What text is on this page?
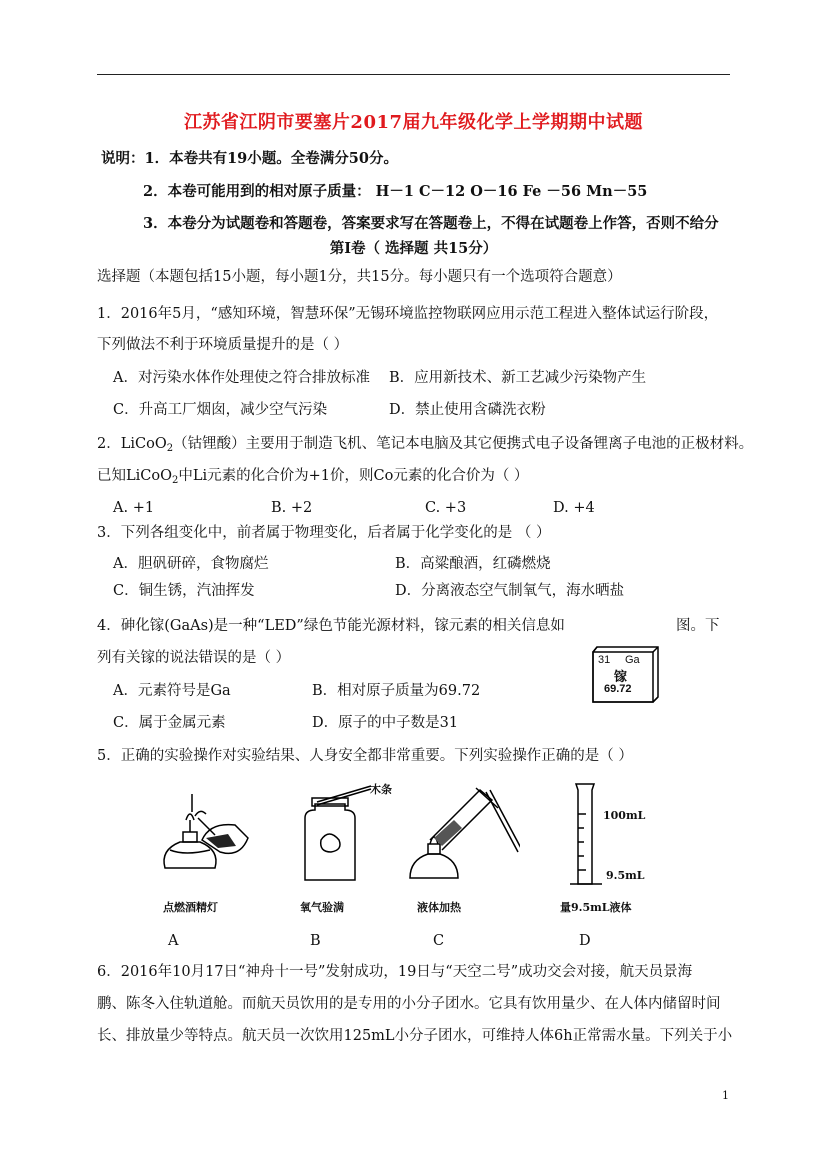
江苏省江阴市要塞片2017届九年级化学上学期期中试题
说明：1．本卷共有19小题。全卷满分50分。
2．本卷可能用到的相对原子质量： H－1 C－12 O－16 Fe －56 Mn－55
3．本卷分为试题卷和答题卷，答案要求写在答题卷上，不得在试题卷上作答，否则不给分
第Ⅰ卷（ 选择题 共15分）
选择题（本题包括15小题，每小题1分，共15分。每小题只有一个选项符合题意）
1．2016年5月，“感知环境，智慧环保”无锡环境监控物联网应用示范工程进入整体试运行阶段，
下列做法不利于环境质量提升的是（ ）
A．对污染水体作处理使之符合排放标准 B．应用新技术、新工艺减少污染物产生
C．升高工厂烟囱，减少空气污染	D．禁止使用含磷洗衣粉
2．LiCoO$_2$（钴锂酸）主要用于制造飞机、笔记本电脑及其它便携式电子设备锂离子电池的正极材料。
已知LiCoO$_2$中Li元素的化合价为+1价，则Co元素的化合价为（ ）
A. +1	B. +2	C. +3	D. +4
3．下列各组变化中，前者属于物理变化，后者属于化学变化的是 （ ）
A．胆矾研碎，食物腐烂	B．高粱酿酒，红磷燃烧
C．铜生锈，汽油挥发	D．分离液态空气制氧气，海水晒盐
4．砷化镓(GaAs)是一种“LED”绿色节能光源材料，镓元素的相关信息如	图。下
列有关镓的说法错误的是（ ）
A．元素符号是Ga	B．相对原子质量为69.72
C．属于金属元素	D．原子的中子数是31
31 Ga
镓
69.72
5．正确的实验操作对实验结果、人身安全都非常重要。下列实验操作正确的是（ ）
点燃酒精灯
木条
氧气验满	液体加热
100mL
9.5mL
量9.5mL液体
A	B	C	D
6．2016年10月17日“神舟十一号”发射成功，19日与“天空二号”成功交会对接，航天员景海
鹏、陈冬入住轨道舱。而航天员饮用的是专用的小分子团水。它具有饮用量少、在人体内储留时间
长、排放量少等特点。航天员一次饮用125mL小分子团水，可维持人体6h正常需水量。下列关于小
1
